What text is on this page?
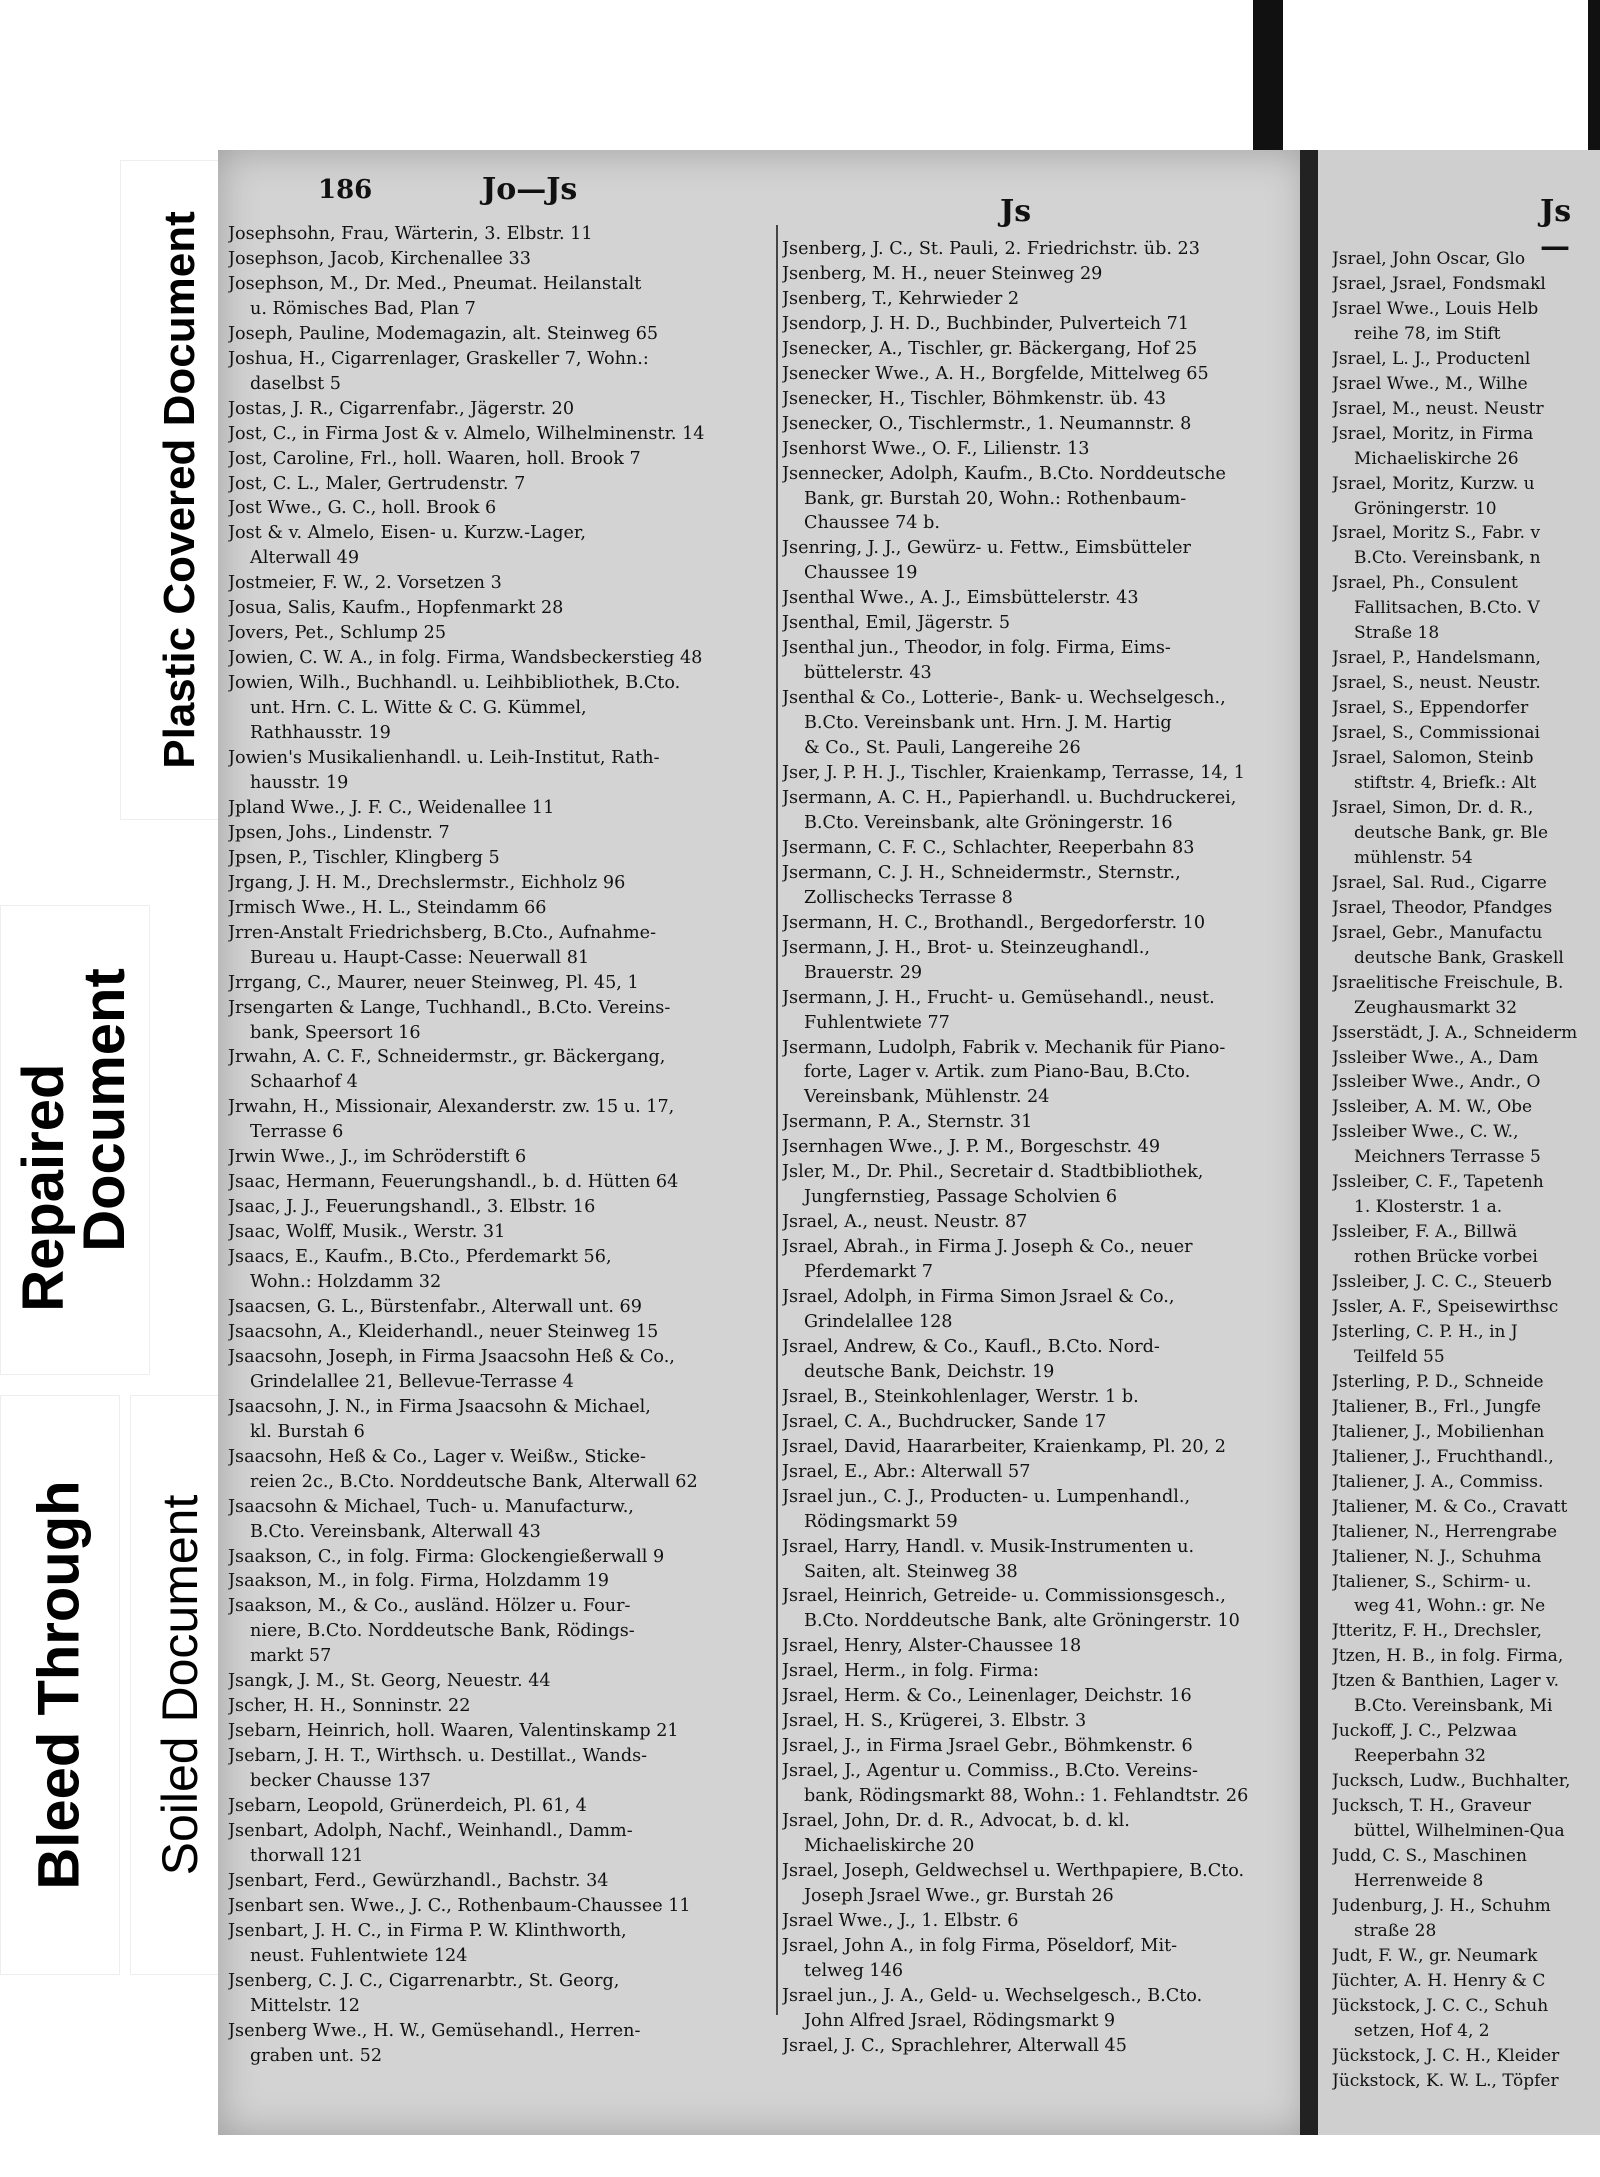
Plastic Covered Document
Repaired
Document
Bleed Through Soiled Document
186	Jo—Js
Js	Js—
Josephsohn, Frau, Wärterin, 3. Elbstr. 11
Josephson, Jacob, Kirchenallee 33
Josephson, M., Dr. Med., Pneumat. Heilanstalt
u. Römisches Bad, Plan 7
Joseph, Pauline, Modemagazin, alt. Steinweg 65
Joshua, H., Cigarrenlager, Graskeller 7, Wohn.:
daselbst 5
Jostas, J. R., Cigarrenfabr., Jägerstr. 20
Jost, C., in Firma Jost & v. Almelo, Wilhelminenstr. 14
Jost, Caroline, Frl., holl. Waaren, holl. Brook 7
Jost, C. L., Maler, Gertrudenstr. 7
Jost Wwe., G. C., holl. Brook 6
Jost & v. Almelo, Eisen- u. Kurzw.-Lager,
Alterwall 49
Jostmeier, F. W., 2. Vorsetzen 3
Josua, Salis, Kaufm., Hopfenmarkt 28
Jovers, Pet., Schlump 25
Jowien, C. W. A., in folg. Firma, Wandsbeckerstieg 48
Jowien, Wilh., Buchhandl. u. Leihbibliothek, B.Cto.
unt. Hrn. C. L. Witte & C. G. Kümmel,
Rathhausstr. 19
Jowien's Musikalienhandl. u. Leih-Institut, Rath-
hausstr. 19
Jpland Wwe., J. F. C., Weidenallee 11
Jpsen, Johs., Lindenstr. 7
Jpsen, P., Tischler, Klingberg 5
Jrgang, J. H. M., Drechslermstr., Eichholz 96
Jrmisch Wwe., H. L., Steindamm 66
Jrren-Anstalt Friedrichsberg, B.Cto., Aufnahme-
Bureau u. Haupt-Casse: Neuerwall 81
Jrrgang, C., Maurer, neuer Steinweg, Pl. 45, 1
Jrsengarten & Lange, Tuchhandl., B.Cto. Vereins-
bank, Speersort 16
Jrwahn, A. C. F., Schneidermstr., gr. Bäckergang,
Schaarhof 4
Jrwahn, H., Missionair, Alexanderstr. zw. 15 u. 17,
Terrasse 6
Jrwin Wwe., J., im Schröderstift 6
Jsaac, Hermann, Feuerungshandl., b. d. Hütten 64
Jsaac, J. J., Feuerungshandl., 3. Elbstr. 16
Jsaac, Wolff, Musik., Werstr. 31
Jsaacs, E., Kaufm., B.Cto., Pferdemarkt 56,
Wohn.: Holzdamm 32
Jsaacsen, G. L., Bürstenfabr., Alterwall unt. 69
Jsaacsohn, A., Kleiderhandl., neuer Steinweg 15
Jsaacsohn, Joseph, in Firma Jsaacsohn Heß & Co.,
Grindelallee 21, Bellevue-Terrasse 4
Jsaacsohn, J. N., in Firma Jsaacsohn & Michael,
kl. Burstah 6
Jsaacsohn, Heß & Co., Lager v. Weißw., Sticke-
reien 2c., B.Cto. Norddeutsche Bank, Alterwall 62
Jsaacsohn & Michael, Tuch- u. Manufacturw.,
B.Cto. Vereinsbank, Alterwall 43
Jsaakson, C., in folg. Firma: Glockengießerwall 9
Jsaakson, M., in folg. Firma, Holzdamm 19
Jsaakson, M., & Co., ausländ. Hölzer u. Four-
niere, B.Cto. Norddeutsche Bank, Rödings-
markt 57
Jsangk, J. M., St. Georg, Neuestr. 44
Jscher, H. H., Sonninstr. 22
Jsebarn, Heinrich, holl. Waaren, Valentinskamp 21
Jsebarn, J. H. T., Wirthsch. u. Destillat., Wands-
becker Chausse 137
Jsebarn, Leopold, Grünerdeich, Pl. 61, 4
Jsenbart, Adolph, Nachf., Weinhandl., Damm-
thorwall 121
Jsenbart, Ferd., Gewürzhandl., Bachstr. 34
Jsenbart sen. Wwe., J. C., Rothenbaum-Chaussee 11
Jsenbart, J. H. C., in Firma P. W. Klinthworth,
neust. Fuhlentwiete 124
Jsenberg, C. J. C., Cigarrenarbtr., St. Georg,
Mittelstr. 12
Jsenberg Wwe., H. W., Gemüsehandl., Herren-
graben unt. 52
Jsenberg, J. C., St. Pauli, 2. Friedrichstr. üb. 23
Jsenberg, M. H., neuer Steinweg 29
Jsenberg, T., Kehrwieder 2
Jsendorp, J. H. D., Buchbinder, Pulverteich 71
Jsenecker, A., Tischler, gr. Bäckergang, Hof 25
Jsenecker Wwe., A. H., Borgfelde, Mittelweg 65
Jsenecker, H., Tischler, Böhmkenstr. üb. 43
Jsenecker, O., Tischlermstr., 1. Neumannstr. 8
Jsenhorst Wwe., O. F., Lilienstr. 13
Jsennecker, Adolph, Kaufm., B.Cto. Norddeutsche
Bank, gr. Burstah 20, Wohn.: Rothenbaum-
Chaussee 74 b.
Jsenring, J. J., Gewürz- u. Fettw., Eimsbütteler
Chaussee 19
Jsenthal Wwe., A. J., Eimsbüttelerstr. 43
Jsenthal, Emil, Jägerstr. 5
Jsenthal jun., Theodor, in folg. Firma, Eims-
büttelerstr. 43
Jsenthal & Co., Lotterie-, Bank- u. Wechselgesch.,
B.Cto. Vereinsbank unt. Hrn. J. M. Hartig
& Co., St. Pauli, Langereihe 26
Jser, J. P. H. J., Tischler, Kraienkamp, Terrasse, 14, 1
Jsermann, A. C. H., Papierhandl. u. Buchdruckerei,
B.Cto. Vereinsbank, alte Gröningerstr. 16
Jsermann, C. F. C., Schlachter, Reeperbahn 83
Jsermann, C. J. H., Schneidermstr., Sternstr.,
Zollischecks Terrasse 8
Jsermann, H. C., Brothandl., Bergedorferstr. 10
Jsermann, J. H., Brot- u. Steinzeughandl.,
Brauerstr. 29
Jsermann, J. H., Frucht- u. Gemüsehandl., neust.
Fuhlentwiete 77
Jsermann, Ludolph, Fabrik v. Mechanik für Piano-
forte, Lager v. Artik. zum Piano-Bau, B.Cto.
Vereinsbank, Mühlenstr. 24
Jsermann, P. A., Sternstr. 31
Jsernhagen Wwe., J. P. M., Borgeschstr. 49
Jsler, M., Dr. Phil., Secretair d. Stadtbibliothek,
Jungfernstieg, Passage Scholvien 6
Jsrael, A., neust. Neustr. 87
Jsrael, Abrah., in Firma J. Joseph & Co., neuer
Pferdemarkt 7
Jsrael, Adolph, in Firma Simon Jsrael & Co.,
Grindelallee 128
Jsrael, Andrew, & Co., Kaufl., B.Cto. Nord-
deutsche Bank, Deichstr. 19
Jsrael, B., Steinkohlenlager, Werstr. 1 b.
Jsrael, C. A., Buchdrucker, Sande 17
Jsrael, David, Haararbeiter, Kraienkamp, Pl. 20, 2
Jsrael, E., Abr.: Alterwall 57
Jsrael jun., C. J., Producten- u. Lumpenhandl.,
Rödingsmarkt 59
Jsrael, Harry, Handl. v. Musik-Instrumenten u.
Saiten, alt. Steinweg 38
Jsrael, Heinrich, Getreide- u. Commissionsgesch.,
B.Cto. Norddeutsche Bank, alte Gröningerstr. 10
Jsrael, Henry, Alster-Chaussee 18
Jsrael, Herm., in folg. Firma:
Jsrael, Herm. & Co., Leinenlager, Deichstr. 16
Jsrael, H. S., Krügerei, 3. Elbstr. 3
Jsrael, J., in Firma Jsrael Gebr., Böhmkenstr. 6
Jsrael, J., Agentur u. Commiss., B.Cto. Vereins-
bank, Rödingsmarkt 88, Wohn.: 1. Fehlandtstr. 26
Jsrael, John, Dr. d. R., Advocat, b. d. kl.
Michaeliskirche 20
Jsrael, Joseph, Geldwechsel u. Werthpapiere, B.Cto.
Joseph Jsrael Wwe., gr. Burstah 26
Jsrael Wwe., J., 1. Elbstr. 6
Jsrael, John A., in folg Firma, Pöseldorf, Mit-
telweg 146
Jsrael jun., J. A., Geld- u. Wechselgesch., B.Cto.
John Alfred Jsrael, Rödingsmarkt 9
Jsrael, J. C., Sprachlehrer, Alterwall 45
Jsrael, John Oscar, Glo
Jsrael, Jsrael, Fondsmakl
Jsrael Wwe., Louis Helb
reihe 78, im Stift
Jsrael, L. J., Productenl
Jsrael Wwe., M., Wilhe
Jsrael, M., neust. Neustr
Jsrael, Moritz, in Firma
Michaeliskirche 26
Jsrael, Moritz, Kurzw. u
Gröningerstr. 10
Jsrael, Moritz S., Fabr. v
B.Cto. Vereinsbank, n
Jsrael, Ph., Consulent
Fallitsachen, B.Cto. V
Straße 18
Jsrael, P., Handelsmann,
Jsrael, S., neust. Neustr.
Jsrael, S., Eppendorfer
Jsrael, S., Commissionai
Jsrael, Salomon, Steinb
stiftstr. 4, Briefk.: Alt
Jsrael, Simon, Dr. d. R.,
deutsche Bank, gr. Ble
mühlenstr. 54
Jsrael, Sal. Rud., Cigarre
Jsrael, Theodor, Pfandges
Jsrael, Gebr., Manufactu
deutsche Bank, Graskell
Jsraelitische Freischule, B.
Zeughausmarkt 32
Jsserstädt, J. A., Schneiderm
Jssleiber Wwe., A., Dam
Jssleiber Wwe., Andr., O
Jssleiber, A. M. W., Obe
Jssleiber Wwe., C. W.,
Meichners Terrasse 5
Jssleiber, C. F., Tapetenh
1. Klosterstr. 1 a.
Jssleiber, F. A., Billwä
rothen Brücke vorbei
Jssleiber, J. C. C., Steuerb
Jssler, A. F., Speisewirthsc
Jsterling, C. P. H., in J
Teilfeld 55
Jsterling, P. D., Schneide
Jtaliener, B., Frl., Jungfe
Jtaliener, J., Mobilienhan
Jtaliener, J., Fruchthandl.,
Jtaliener, J. A., Commiss.
Jtaliener, M. & Co., Cravatt
Jtaliener, N., Herrengrabe
Jtaliener, N. J., Schuhma
Jtaliener, S., Schirm- u.
weg 41, Wohn.: gr. Ne
Jtteritz, F. H., Drechsler,
Jtzen, H. B., in folg. Firma,
Jtzen & Banthien, Lager v.
B.Cto. Vereinsbank, Mi
Juckoff, J. C., Pelzwaa
Reeperbahn 32
Jucksch, Ludw., Buchhalter,
Jucksch, T. H., Graveur
büttel, Wilhelminen-Qua
Judd, C. S., Maschinen
Herrenweide 8
Judenburg, J. H., Schuhm
straße 28
Judt, F. W., gr. Neumark
Jüchter, A. H. Henry & C
Jückstock, J. C. C., Schuh
setzen, Hof 4, 2
Jückstock, J. C. H., Kleider
Jückstock, K. W. L., Töpfer
